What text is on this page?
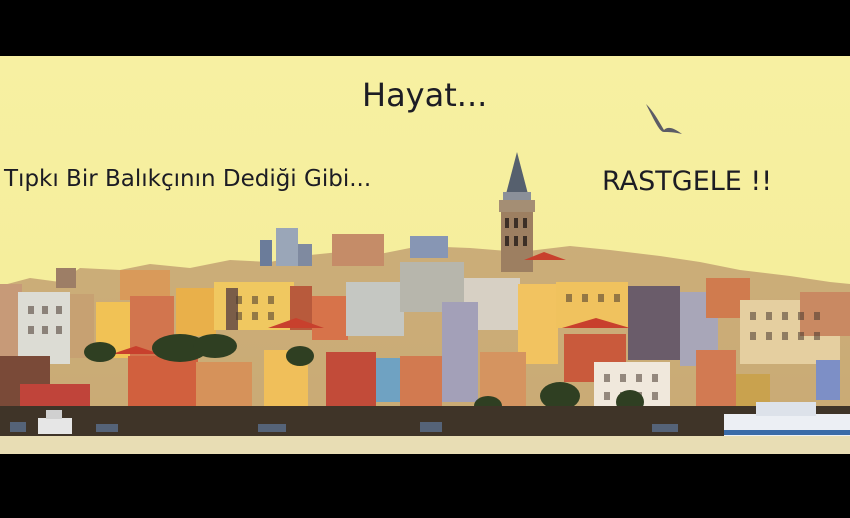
Hayat...
Tıpkı Bir Balıkçının Dediği Gibi...	RASTGELE !!
